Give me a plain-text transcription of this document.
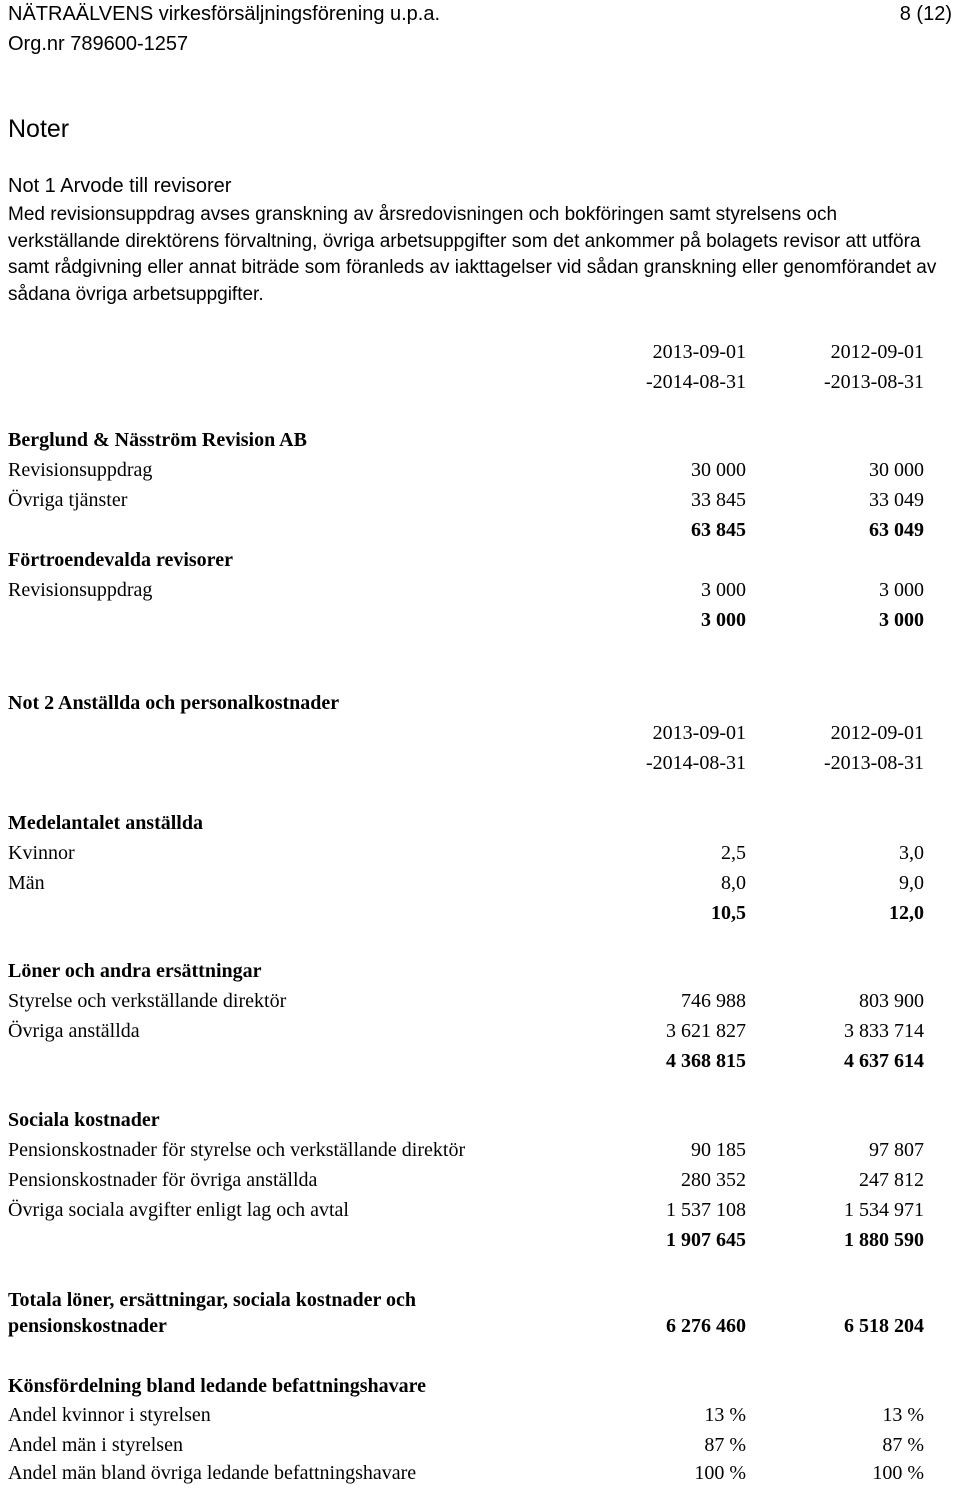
NÄTRAÄLVENS virkesförsäljningsförening u.p.a.	8 (12)
Org.nr 789600-1257
Noter
Not 1 Arvode till revisorer
Med revisionsuppdrag avses granskning av årsredovisningen och bokföringen samt styrelsens och verkställande direktörens förvaltning, övriga arbetsuppgifter som det ankommer på bolagets revisor att utföra samt rådgivning eller annat biträde som föranleds av iakttagelser vid sådan granskning eller genomförandet av sådana övriga arbetsuppgifter.
2013-09-01	2012-09-01
-2014-08-31	-2013-08-31
Berglund & Näsström Revision AB
Revisionsuppdrag	30 000	30 000
Övriga tjänster	33 845	33 049
63 845	63 049
Förtroendevalda revisorer
Revisionsuppdrag	3 000	3 000
3 000	3 000
Not 2 Anställda och personalkostnader
2013-09-01	2012-09-01
-2014-08-31	-2013-08-31
Medelantalet anställda
Kvinnor	2,5	3,0
Män	8,0	9,0
10,5	12,0
Löner och andra ersättningar
Styrelse och verkställande direktör	746 988	803 900
Övriga anställda	3 621 827	3 833 714
4 368 815	4 637 614
Sociala kostnader
Pensionskostnader för styrelse och verkställande direktör	90 185	97 807
Pensionskostnader för övriga anställda	280 352	247 812
Övriga sociala avgifter enligt lag och avtal	1 537 108	1 534 971
1 907 645	1 880 590
Totala löner, ersättningar, sociala kostnader och pensionskostnader	6 276 460	6 518 204
Könsfördelning bland ledande befattningshavare
Andel kvinnor i styrelsen	13 %	13 %
Andel män i styrelsen	87 %	87 %
Andel män bland övriga ledande befattningshavare	100 %	100 %
